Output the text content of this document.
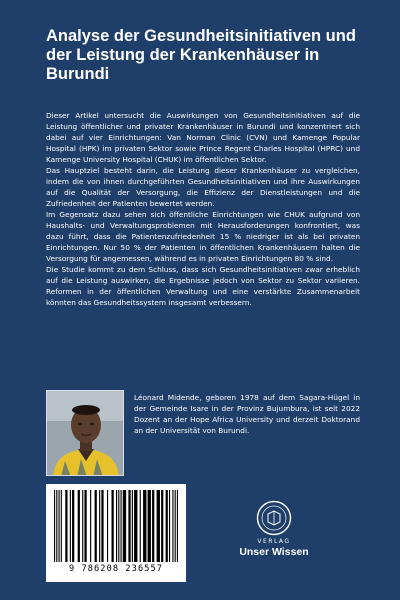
Analyse der Gesundheitsinitiativen und der Leistung der Krankenhäuser in Burundi

Dieser Artikel untersucht die Auswirkungen von Gesundheitsinitiativen auf die Leistung öffentlicher und privater Krankenhäuser in Burundi und konzentriert sich dabei auf vier Einrichtungen: Van Norman Clinic (CVN) und Kamenge Popular Hospital (HPK) im privaten Sektor sowie Prince Regent Charles Hospital (HPRC) und Kamenge University Hospital (CHUK) im öffentlichen Sektor.

Das Hauptziel besteht darin, die Leistung dieser Krankenhäuser zu vergleichen, indem die von ihnen durchgeführten Gesundheitsinitiativen und ihre Auswirkungen auf die Qualität der Versorgung, die Effizienz der Dienstleistungen und die Zufriedenheit der Patienten bewertet werden.

Im Gegensatz dazu sehen sich öffentliche Einrichtungen wie CHUK aufgrund von Haushalts- und Verwaltungsproblemen mit Herausforderungen konfrontiert, was dazu führt, dass die Patientenzufriedenheit 15 % niedriger ist als bei privaten Einrichtungen. Nur 50 % der Patienten in öffentlichen Krankenhäusern halten die Versorgung für angemessen, während es in privaten Einrichtungen 80 % sind.

Die Studie kommt zu dem Schluss, dass sich Gesundheitsinitiativen zwar erheblich auf die Leistung auswirken, die Ergebnisse jedoch von Sektor zu Sektor variieren. Reformen in der öffentlichen Verwaltung und eine verstärkte Zusammenarbeit könnten das Gesundheitssystem insgesamt verbessern.

Léonard Midende, geboren 1978 auf dem Sagara-Hügel in der Gemeinde Isare in der Provinz Bujumbura, ist seit 2022 Dozent an der Hope Africa University und derzeit Doktorand an der Universität von Burundi.

9 786208 236557
VERLAG
Unser Wissen
